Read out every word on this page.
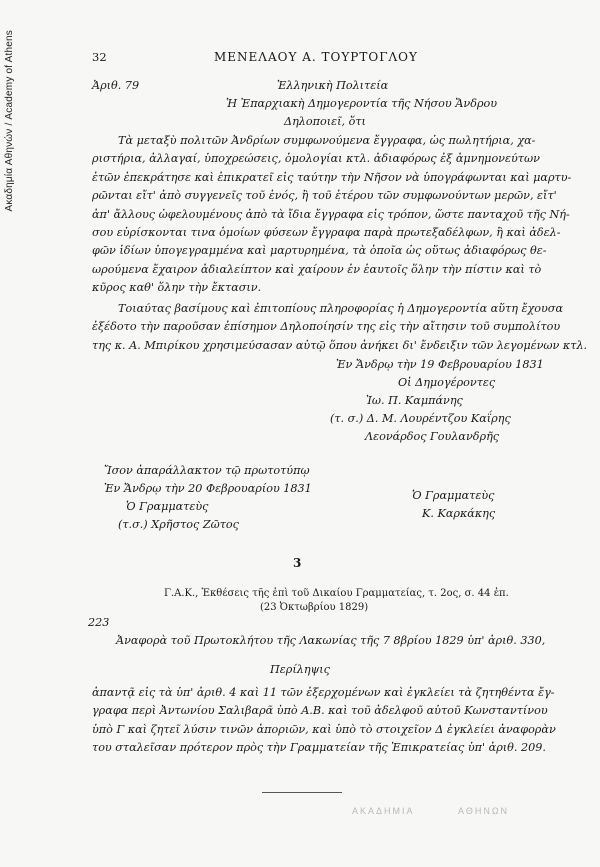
Ακαδημία Αθηνών / Academy of Athens	32	ΜΕΝΕΛΑΟΥ Α. ΤΟΥΡΤΟΓΛΟΥ
Ἀριθ. 79	Ἑλληνικὴ Πολιτεία
Ἡ Ἐπαρχιακὴ Δημογεροντία τῆς Νήσου Ἄνδρου
Δηλοποιεῖ, ὅτι
Τὰ μεταξὺ πολιτῶν Ἀνδρίων συμφωνούμενα ἔγγραφα, ὡς πωλητήρια, χα-
ριστήρια, ἀλλαγαί, ὑποχρεώσεις, ὁμολογίαι κτλ. ἀδιαφόρως ἐξ ἀμνημονεύτων
ἐτῶν ἐπεκράτησε καὶ ἐπικρατεῖ εἰς ταύτην τὴν Νῆσον νὰ ὑπογράφωνται καὶ μαρτυ-
ρῶνται εἴτ' ἀπὸ συγγενεῖς τοῦ ἑνός, ἢ τοῦ ἑτέρου τῶν συμφωνούντων μερῶν, εἴτ'
ἀπ' ἄλλους ὠφελουμένους ἀπὸ τὰ ἴδια ἔγγραφα εἰς τρόπον, ὥστε πανταχοῦ τῆς Νή-
σου εὑρίσκονται τινα ὁμοίων φύσεων ἔγγραφα παρὰ πρωτεξαδέλφων, ἢ καὶ ἀδελ-
φῶν ἰδίων ὑπογεγραμμένα καὶ μαρτυρημένα, τὰ ὁποῖα ὡς οὕτως ἀδιαφόρως θε-
ωρούμενα ἔχαιρον ἀδιαλείπτον καὶ χαίρουν ἐν ἑαυτοῖς ὅλην τὴν πίστιν καὶ τὸ
κῦρος καθ' ὅλην τὴν ἔκτασιν.
Τοιαύτας βασίμους καὶ ἐπιτοπίους πληροφορίας ἡ Δημογεροντία αὕτη ἔχουσα
ἐξέδοτο τὴν παροῦσαν ἐπίσημον Δηλοποίησίν της εἰς τὴν αἴτησιν τοῦ συμπολίτου
της κ. Α. Μπιρίκου χρησιμεύσασαν αὐτῷ ὅπου ἀνήκει δι' ἔνδειξιν τῶν λεγομένων κτλ.
Ἐν Ἄνδρῳ τὴν 19 Φεβρουαρίου 1831
Οἱ Δημογέροντες
Ἰω. Π. Καμπάνης
(τ. σ.) Δ. Μ. Λουρέντζου Καΐρης
Λεονάρδος Γουλανδρῆς
Ἴσον ἀπαράλλακτον τῷ πρωτοτύπῳ
Ἐν Ἄνδρῳ τὴν 20 Φεβρουαρίου 1831
Ὁ Γραμματεὺς
(τ.σ.) Χρῆστος Ζῶτος
Ὁ Γραμματεὺς
Κ. Καρκάκης
3
Γ.Α.Κ., Ἐκθέσεις τῆς ἐπὶ τοῦ Δικαίου Γραμματείας, τ. 2ος, σ. 44 ἐπ.
(23 Ὀκτωβρίου 1829)
223
Ἀναφορὰ τοῦ Πρωτοκλήτου τῆς Λακωνίας τῆς 7 8βρίου 1829 ὑπ' ἀριθ. 330,
Περίληψις
ἀπαντᾷ εἰς τὰ ὑπ' ἀριθ. 4 καὶ 11 τῶν ἐξερχομένων καὶ ἐγκλείει τὰ ζητηθέντα ἔγ-
γραφα περὶ Ἀντωνίου Σαλιβαρᾶ ὑπὸ Α.Β. καὶ τοῦ ἀδελφοῦ αὐτοῦ Κωνσταντίνου
ὑπὸ Γ καὶ ζητεῖ λύσιν τινῶν ἀποριῶν, καὶ ὑπὸ τὸ στοιχεῖον Δ ἐγκλείει ἀναφορὰν
του σταλεῖσαν πρότερον πρὸς τὴν Γραμματείαν τῆς Ἐπικρατείας ὑπ' ἀριθ. 209.
ΑΚΑΔΗΜΙΑ	ΑΘΗΝΩΝ
